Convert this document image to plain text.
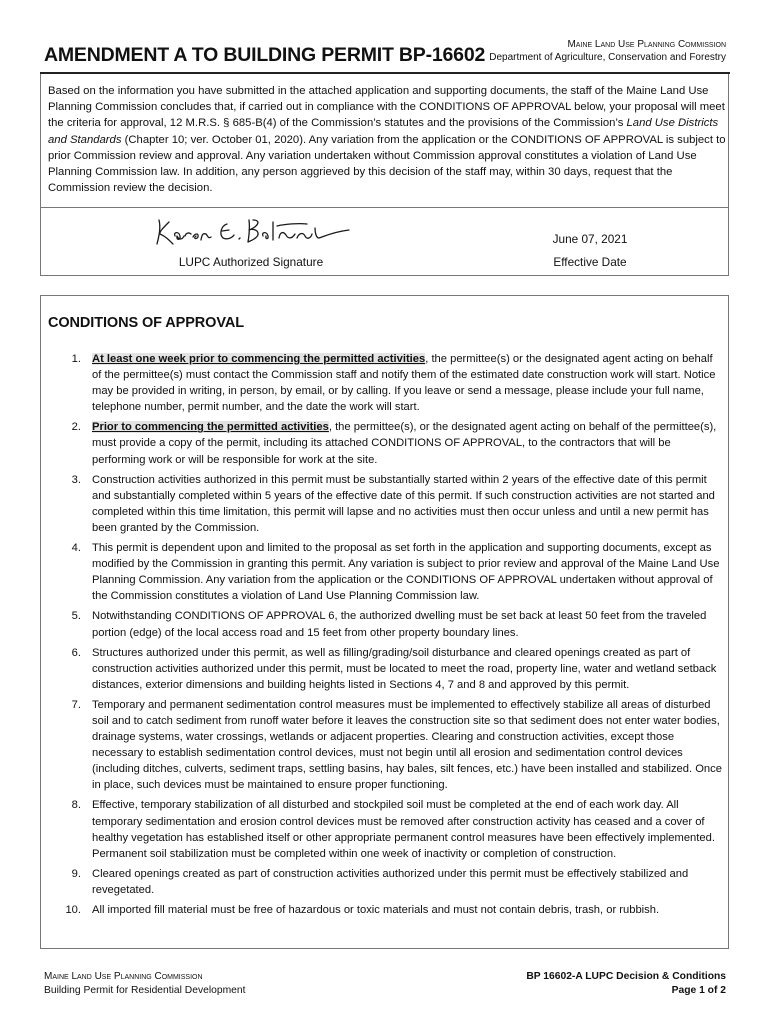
AMENDMENT A TO BUILDING PERMIT BP-16602	Maine Land Use Planning Commission
Department of Agriculture, Conservation and Forestry
Based on the information you have submitted in the attached application and supporting documents, the staff of the Maine Land Use Planning Commission concludes that, if carried out in compliance with the CONDITIONS OF APPROVAL below, your proposal will meet the criteria for approval, 12 M.R.S. § 685-B(4) of the Commission’s statutes and the provisions of the Commission’s Land Use Districts and Standards (Chapter 10; ver. October 01, 2020). Any variation from the application or the CONDITIONS OF APPROVAL is subject to prior Commission review and approval. Any variation undertaken without Commission approval constitutes a violation of Land Use Planning Commission law. In addition, any person aggrieved by this decision of the staff may, within 30 days, request that the Commission review the decision.
June 07, 2021
LUPC Authorized Signature	Effective Date
CONDITIONS OF APPROVAL
1. At least one week prior to commencing the permitted activities, the permittee(s) or the designated agent acting on behalf of the permittee(s) must contact the Commission staff and notify them of the estimated date construction work will start. Notice may be provided in writing, in person, by email, or by calling. If you leave or send a message, please include your full name, telephone number, permit number, and the date the work will start.
2. Prior to commencing the permitted activities, the permittee(s), or the designated agent acting on behalf of the permittee(s), must provide a copy of the permit, including its attached CONDITIONS OF APPROVAL, to the contractors that will be performing work or will be responsible for work at the site.
3. Construction activities authorized in this permit must be substantially started within 2 years of the effective date of this permit and substantially completed within 5 years of the effective date of this permit. If such construction activities are not started and completed within this time limitation, this permit will lapse and no activities must then occur unless and until a new permit has been granted by the Commission.
4. This permit is dependent upon and limited to the proposal as set forth in the application and supporting documents, except as modified by the Commission in granting this permit. Any variation is subject to prior review and approval of the Maine Land Use Planning Commission. Any variation from the application or the CONDITIONS OF APPROVAL undertaken without approval of the Commission constitutes a violation of Land Use Planning Commission law.
5. Notwithstanding CONDITIONS OF APPROVAL 6, the authorized dwelling must be set back at least 50 feet from the traveled portion (edge) of the local access road and 15 feet from other property boundary lines.
6. Structures authorized under this permit, as well as filling/grading/soil disturbance and cleared openings created as part of construction activities authorized under this permit, must be located to meet the road, property line, water and wetland setback distances, exterior dimensions and building heights listed in Sections 4, 7 and 8 and approved by this permit.
7. Temporary and permanent sedimentation control measures must be implemented to effectively stabilize all areas of disturbed soil and to catch sediment from runoff water before it leaves the construction site so that sediment does not enter water bodies, drainage systems, water crossings, wetlands or adjacent properties. Clearing and construction activities, except those necessary to establish sedimentation control devices, must not begin until all erosion and sedimentation control devices (including ditches, culverts, sediment traps, settling basins, hay bales, silt fences, etc.) have been installed and stabilized. Once in place, such devices must be maintained to ensure proper functioning.
8. Effective, temporary stabilization of all disturbed and stockpiled soil must be completed at the end of each work day. All temporary sedimentation and erosion control devices must be removed after construction activity has ceased and a cover of healthy vegetation has established itself or other appropriate permanent control measures have been effectively implemented. Permanent soil stabilization must be completed within one week of inactivity or completion of construction.
9. Cleared openings created as part of construction activities authorized under this permit must be effectively stabilized and revegetated.
10. All imported fill material must be free of hazardous or toxic materials and must not contain debris, trash, or rubbish.
Maine Land Use Planning Commission
Building Permit for Residential Development
BP 16602-A LUPC Decision & Conditions
Page 1 of 2
